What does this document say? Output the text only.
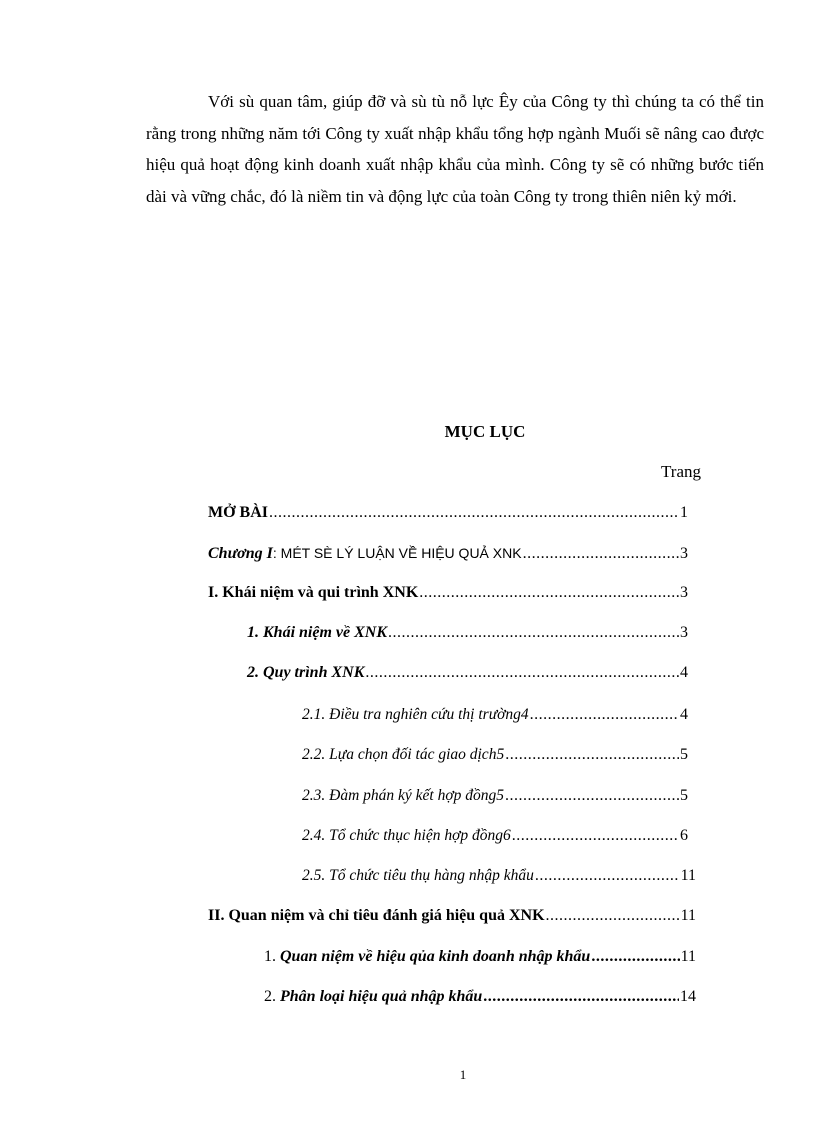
Với sù quan tâm, giúp đỡ và sù tù nỗ lực Êy của Công ty thì chúng ta có thể tin rằng trong những năm tới Công ty xuất nhập khẩu tổng hợp ngành Muối sẽ nâng cao được hiệu quả hoạt động kinh doanh xuất nhập khẩu của mình. Công ty sẽ có những bước tiến dài và vững chắc, đó là niềm tin và động lực của toàn Công ty trong thiên niên kỷ mới.

MỤC LỤC
Trang
MỞ BÀI .....	1
Chương I: MÉT SÈ LÝ LUẬN VỀ HIỆU QUẢ XNK .....	3
I. Khái niệm và qui trình XNK .....	3
1. Khái niệm về XNK .....	3
2. Quy trình XNK .....	4
2.1. Điều tra nghiên cứu thị trường4 .....	4
2.2. Lựa chọn đối tác giao dịch5 .....	5
2.3. Đàm phán ký kết hợp đồng5 .....	5
2.4. Tổ chức thục hiện hợp đồng6 .....	6
2.5. Tổ chức tiêu thụ hàng nhập khẩu .....	11
II. Quan niệm và chỉ tiêu đánh giá hiệu quả XNK .....	11
1. Quan niệm về hiệu qủa kinh doanh nhập khẩu .....	11
2. Phân loại hiệu quả nhập khẩu .....	14
1
